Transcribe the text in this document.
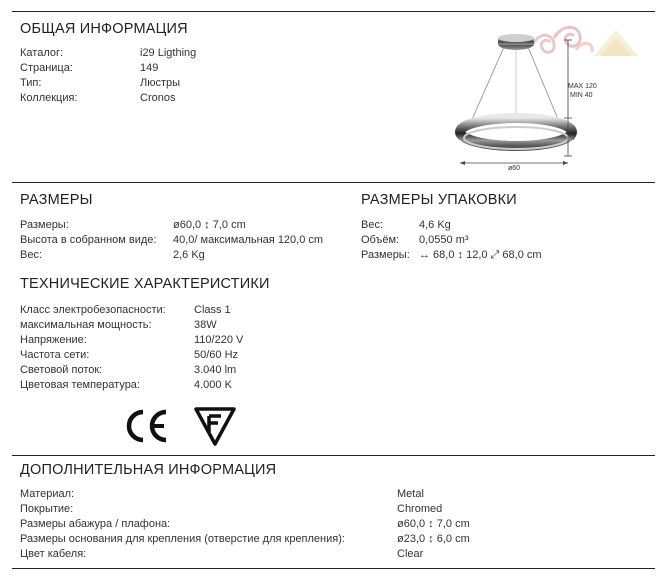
ОБЩАЯ ИНФОРМАЦИЯ
Каталог:	i29 Ligthing
Страница:	149
Тип:	Люстры
Коллекция:	Cronos
MAX 120
MIN 40
7
ø60
РАЗМЕРЫ
Размеры:	ø60,0 ↕ 7,0 cm
Высота в собранном виде: 40,0/ максимальная 120,0 cm
Вес:	2,6 Kg
РАЗМЕРЫ УПАКОВКИ
Вес:	4,6 Kg
Объём: 0,0550 m³
Размеры: ↔ 68,0 ↕ 12,0 ⤢ 68,0 cm
ТЕХНИЧЕСКИЕ ХАРАКТЕРИСТИКИ
Класс электробезопасности:	Class 1
максимальная мощность:	38W
Напряжение:	110/220 V
Частота сети:	50/60 Hz
Световой поток:	3.040 lm
Цветовая температура:	4.000 K
ДОПОЛНИТЕЛЬНАЯ ИНФОРМАЦИЯ
Материал:	Metal
Покрытие:	Chromed
Размеры абажура / плафона:	ø60,0 ↕ 7,0 cm
Размеры основания для крепления (отверстие для крепления):	ø23,0 ↕ 6,0 cm
Цвет кабеля:	Clear
